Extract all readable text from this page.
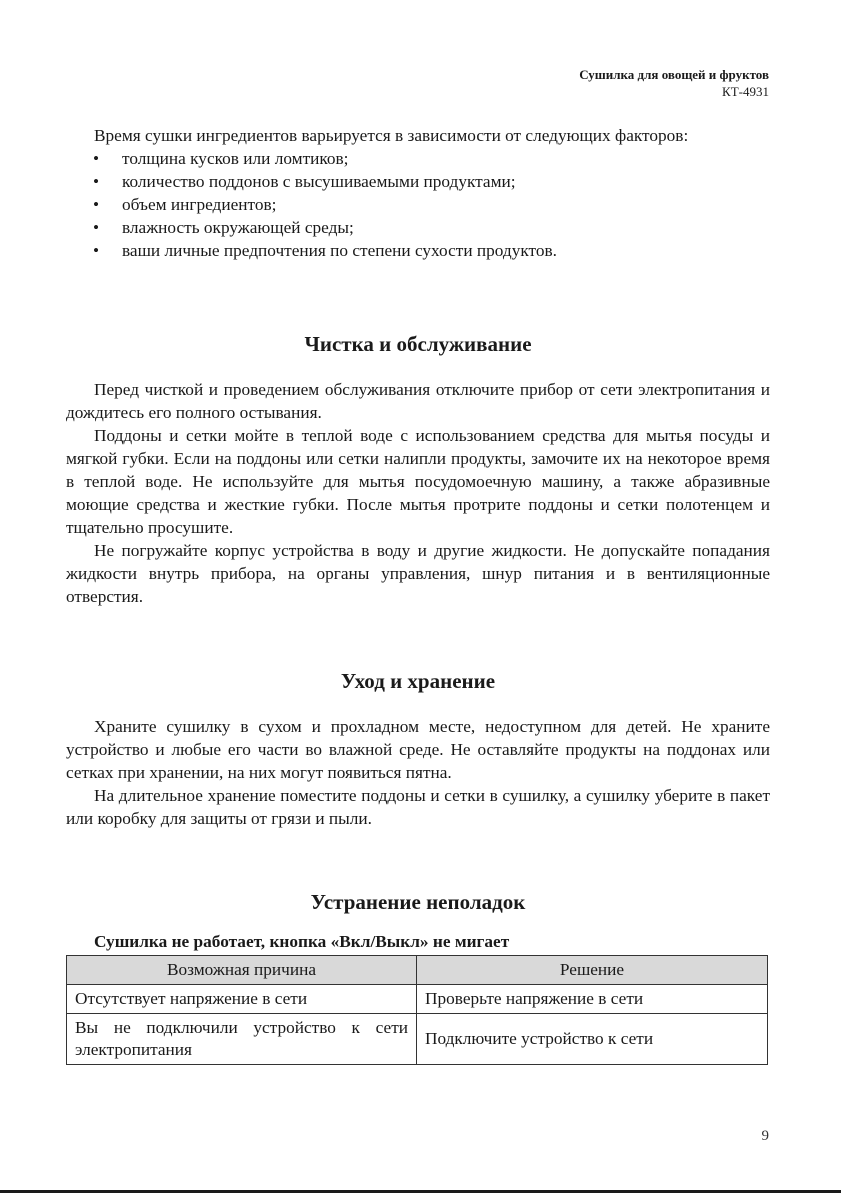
Сушилка для овощей и фруктов
КТ-4931

Время сушки ингредиентов варьируется в зависимости от следующих факторов:

• толщина кусков или ломтиков;
• количество поддонов с высушиваемыми продуктами;
• объем ингредиентов;
• влажность окружающей среды;
• ваши личные предпочтения по степени сухости продуктов.
Чистка и обслуживание

Перед чисткой и проведением обслуживания отключите прибор от сети электропитания и дождитесь его полного остывания.

Поддоны и сетки мойте в теплой воде с использованием средства для мытья посуды и мягкой губки. Если на поддоны или сетки налипли продукты, замочите их на некоторое время в теплой воде. Не используйте для мытья посудомоечную машину, а также абразивные моющие средства и жесткие губки. После мытья протрите поддоны и сетки полотенцем и тщательно просушите.

Не погружайте корпус устройства в воду и другие жидкости. Не допускайте попадания жидкости внутрь прибора, на органы управления, шнур питания и в вентиляционные отверстия.

Уход и хранение

Храните сушилку в сухом и прохладном месте, недоступном для детей. Не храните устройство и любые его части во влажной среде. Не оставляйте продукты на поддонах или сетках при хранении, на них могут появиться пятна.

На длительное хранение поместите поддоны и сетки в сушилку, а сушилку уберите в пакет или коробку для защиты от грязи и пыли.

Устранение неполадок
Сушилка не работает, кнопка «Вкл/Выкл» не мигает
Возможная причина	Решение
Отсутствует напряжение в сети	Проверьте напряжение в сети
Вы не подключили устройство к сети электропитания	Подключите устройство к сети
9
